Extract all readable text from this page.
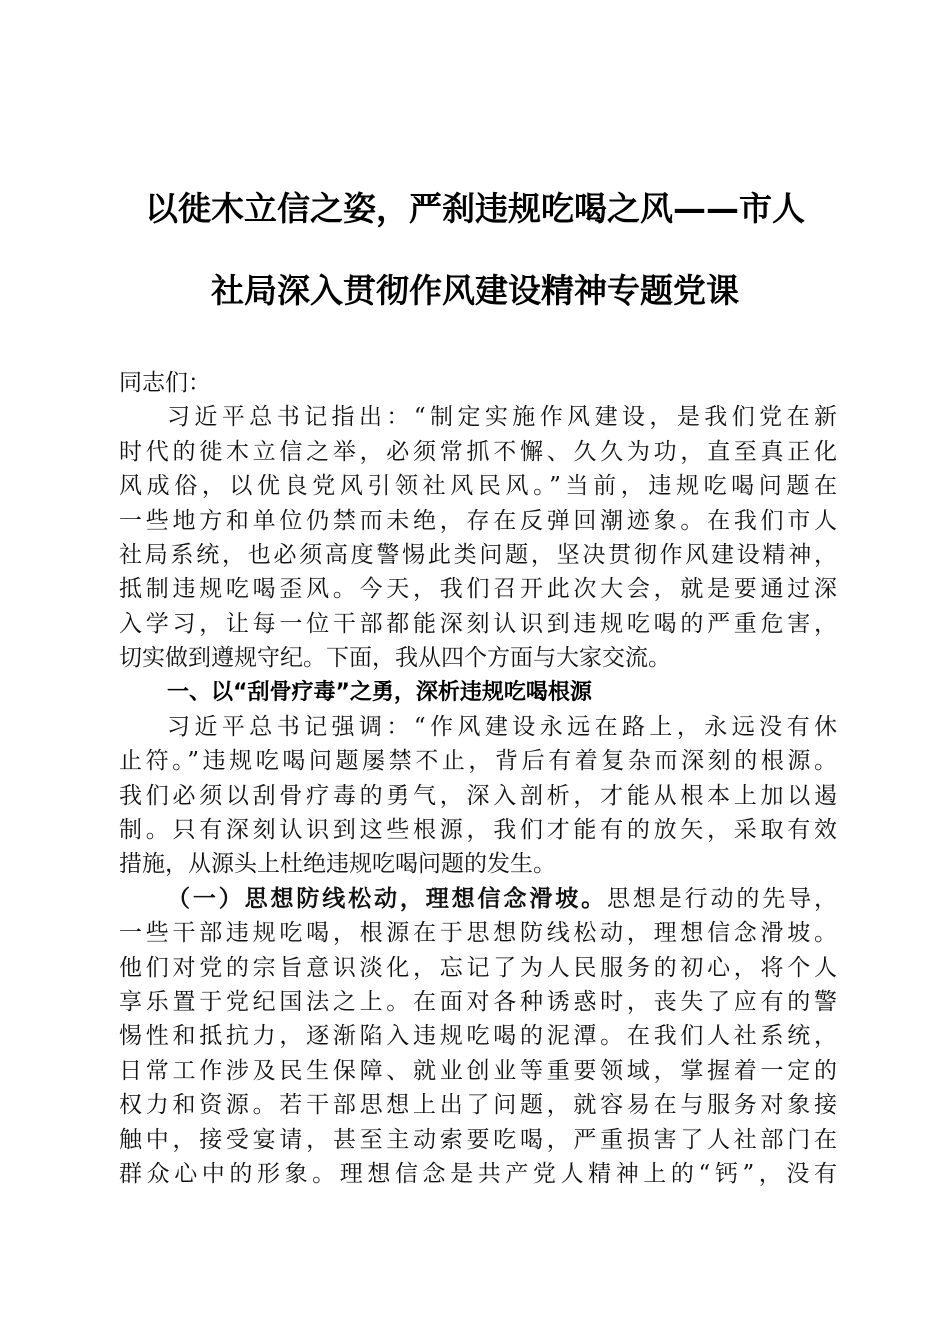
以徙木立信之姿，严刹违规吃喝之风——市人
社局深入贯彻作风建设精神专题党课
同志们：
习近平总书记指出：“制定实施作风建设，是我们党在新
时代的徙木立信之举，必须常抓不懈、久久为功，直至真正化
风成俗，以优良党风引领社风民风。”当前，违规吃喝问题在
一些地方和单位仍禁而未绝，存在反弹回潮迹象。在我们市人
社局系统，也必须高度警惕此类问题，坚决贯彻作风建设精神，
抵制违规吃喝歪风。今天，我们召开此次大会，就是要通过深
入学习，让每一位干部都能深刻认识到违规吃喝的严重危害，
切实做到遵规守纪。下面，我从四个方面与大家交流。
一、以“刮骨疗毒”之勇，深析违规吃喝根源
习近平总书记强调：“作风建设永远在路上，永远没有休
止符。”违规吃喝问题屡禁不止，背后有着复杂而深刻的根源。
我们必须以刮骨疗毒的勇气，深入剖析，才能从根本上加以遏
制。只有深刻认识到这些根源，我们才能有的放矢，采取有效
措施，从源头上杜绝违规吃喝问题的发生。
（一）思想防线松动，理想信念滑坡。思想是行动的先导，
一些干部违规吃喝，根源在于思想防线松动，理想信念滑坡。
他们对党的宗旨意识淡化，忘记了为人民服务的初心，将个人
享乐置于党纪国法之上。在面对各种诱惑时，丧失了应有的警
惕性和抵抗力，逐渐陷入违规吃喝的泥潭。在我们人社系统，
日常工作涉及民生保障、就业创业等重要领域，掌握着一定的
权力和资源。若干部思想上出了问题，就容易在与服务对象接
触中，接受宴请，甚至主动索要吃喝，严重损害了人社部门在
群众心中的形象。理想信念是共产党人精神上的“钙”，没有
